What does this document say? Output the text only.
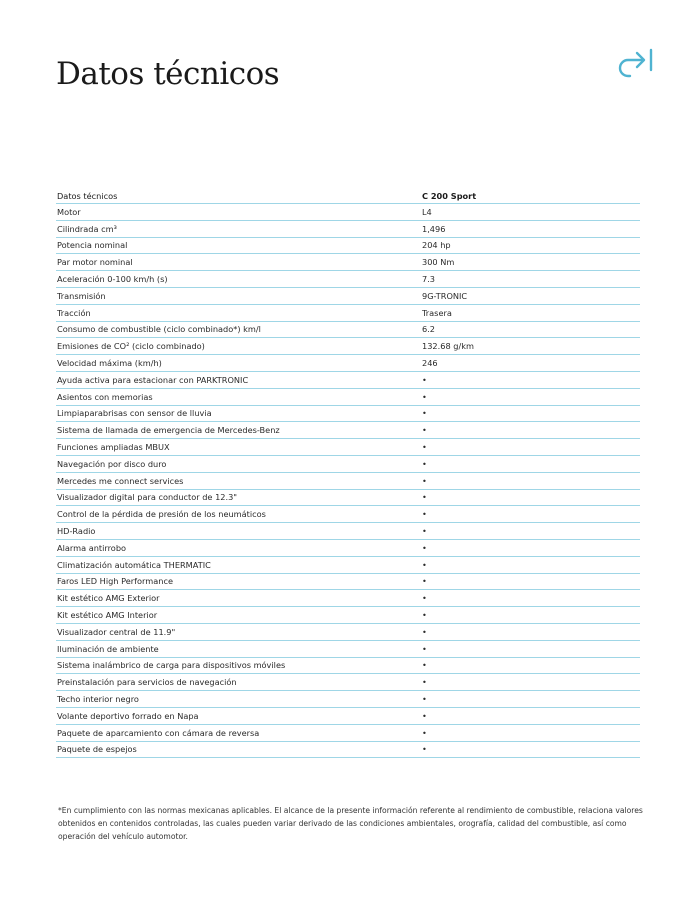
Datos técnicos
Datos técnicos	C 200 Sport
Motor	L4
Cilindrada cm³	1,496
Potencia nominal	204 hp
Par motor nominal	300 Nm
Aceleración 0-100 km/h (s)	7.3
Transmisión	9G-TRONIC
Tracción	Trasera
Consumo de combustible (ciclo combinado*) km/l	6.2
Emisiones de CO² (ciclo combinado)	132.68 g/km
Velocidad máxima (km/h)	246
Ayuda activa para estacionar con PARKTRONIC	•
Asientos con memorias	•
Limpiaparabrisas con sensor de lluvia	•
Sistema de llamada de emergencia de Mercedes-Benz	•
Funciones ampliadas MBUX	•
Navegación por disco duro	•
Mercedes me connect services	•
Visualizador digital para conductor de 12.3"	•
Control de la pérdida de presión de los neumáticos	•
HD-Radio	•
Alarma antirrobo	•
Climatización automática THERMATIC	•
Faros LED High Performance	•
Kit estético AMG Exterior	•
Kit estético AMG Interior	•
Visualizador central de 11.9"	•
Iluminación de ambiente	•
Sistema inalámbrico de carga para dispositivos móviles	•
Preinstalación para servicios de navegación	•
Techo interior negro	•
Volante deportivo forrado en Napa	•
Paquete de aparcamiento con cámara de reversa	•
Paquete de espejos	•

*En cumplimiento con las normas mexicanas aplicables. El alcance de la presente información referente al rendimiento de combustible, relaciona valores obtenidos en contenidos controladas, las cuales pueden variar derivado de las condiciones ambientales, orografía, calidad del combustible, así como operación del vehículo automotor.
